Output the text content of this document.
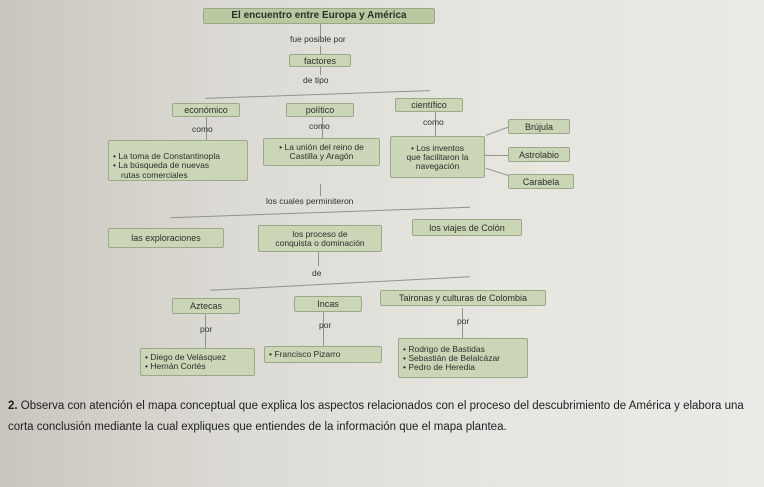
El encuentro entre Europa y América
fue posible por
factores
de tipo
económico	político	científico
como	como	como
• La toma de Constantinopla
• La búsqueda de nuevas
rutas comerciales
• La unión del reino de
Castilla y Aragón
• Los inventos
que facilitaron la
navegación
Brújula
Astrolabio
Carabela
los cuales perminiteron
las exploraciones	los proceso de
conquista o dominación
los viajes de Colón
de
Aztecas	Incas
Taironas y culturas de Colombia
por	por	por
• Diego de Velásquez
• Hernán Cortés
• Francisco Pizarro
• Rodrigo de Bastidas
• Sebastián de Belalcázar
• Pedro de Heredia
2. Observa con atención el mapa conceptual que explica los aspectos relacionados con el proceso del descubrimiento de América y elabora una corta conclusión mediante la cual expliques que entiendes de la información que el mapa plantea.
